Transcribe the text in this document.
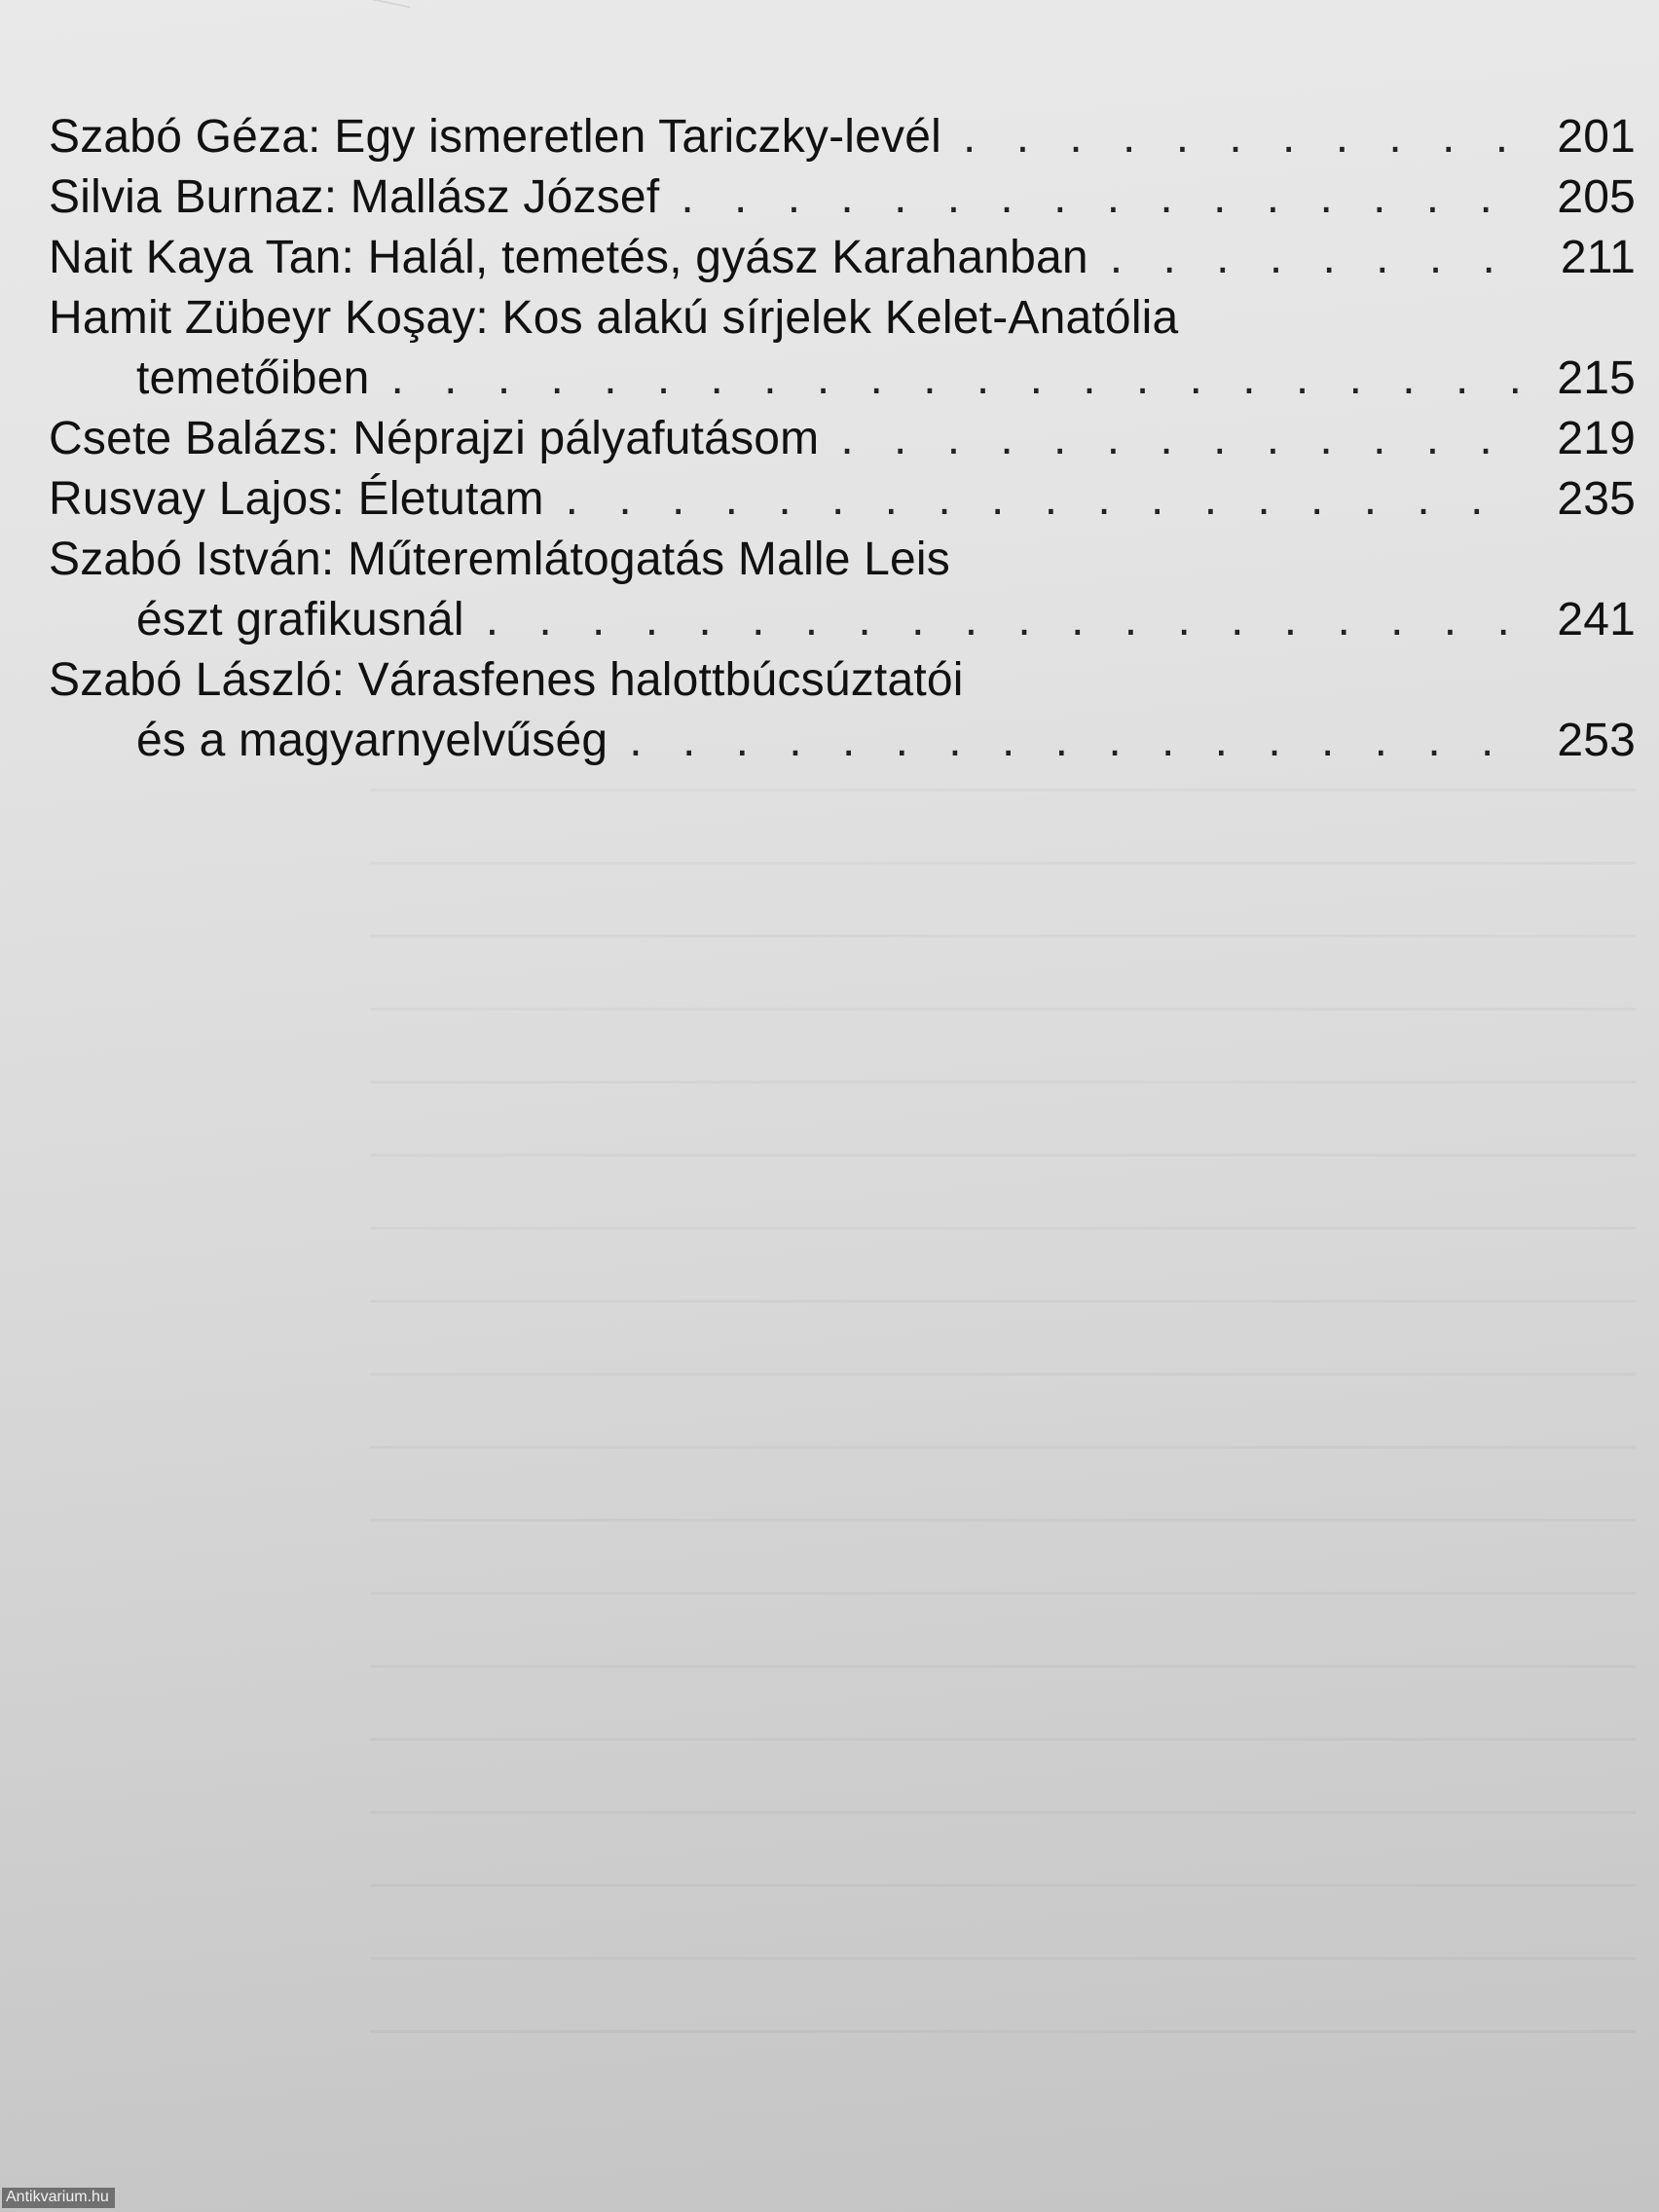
Szabó Géza: Egy ismeretlen Tariczky-levél . . .	201
Silvia Burnaz: Mallász József . . .	205
Nait Kaya Tan: Halál, temetés, gyász Karahanban . . .	211
Hamit Zübeyr Koşay: Kos alakú sírjelek Kelet-Anatólia
temetőiben . . .	215
Csete Balázs: Néprajzi pályafutásom . . .	219
Rusvay Lajos: Életutam . . .	235
Szabó István: Műteremlátogatás Malle Leis
észt grafikusnál . . .	241
Szabó László: Várasfenes halottbúcsúztatói
és a magyarnyelvűség . . .	253
Antikvarium.hu
